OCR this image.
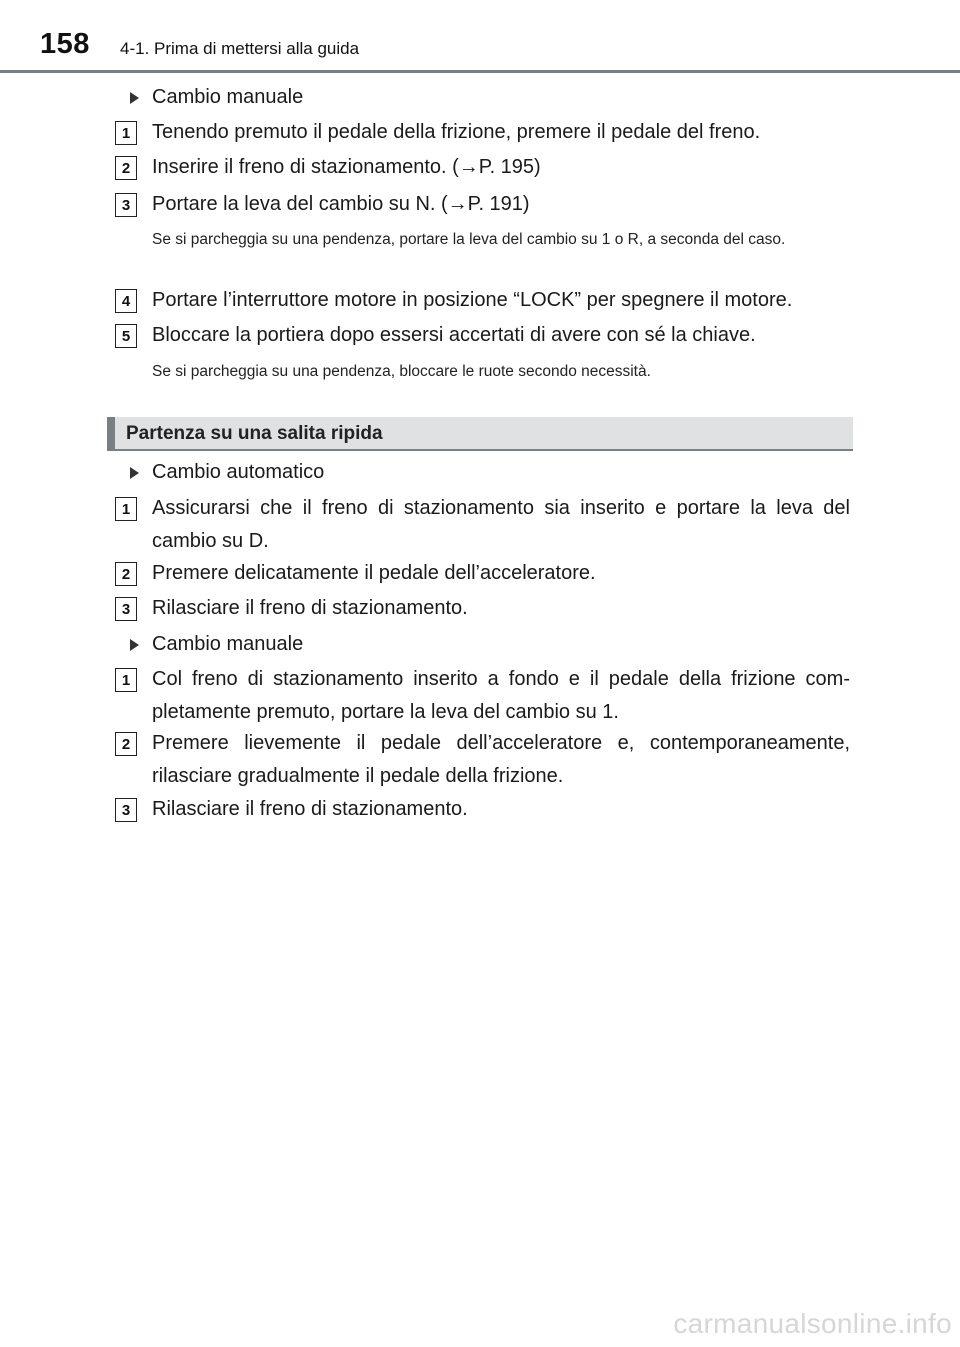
158 4-1. Prima di mettersi alla guida
Cambio manuale
1	Tenendo premuto il pedale della frizione, premere il pedale del freno.
2	Inserire il freno di stazionamento. (→P. 195)
3	Portare la leva del cambio su N. (→P. 191)
Se si parcheggia su una pendenza, portare la leva del cambio su 1 o R, a seconda del caso.
4	Portare l’interruttore motore in posizione “LOCK” per spegnere il motore.
5	Bloccare la portiera dopo essersi accertati di avere con sé la chiave.
Se si parcheggia su una pendenza, bloccare le ruote secondo necessità.
Partenza su una salita ripida
Cambio automatico
1	Assicurarsi che il freno di stazionamento sia inserito e portare la leva del cambio su D.
2	Premere delicatamente il pedale dell’acceleratore.
3	Rilasciare il freno di stazionamento.
Cambio manuale
1	Col freno di stazionamento inserito a fondo e il pedale della frizione com-pletamente premuto, portare la leva del cambio su 1.
2	Premere lievemente il pedale dell’acceleratore e, contemporaneamente, rilasciare gradualmente il pedale della frizione.
3	Rilasciare il freno di stazionamento.
carmanualsonline.info
